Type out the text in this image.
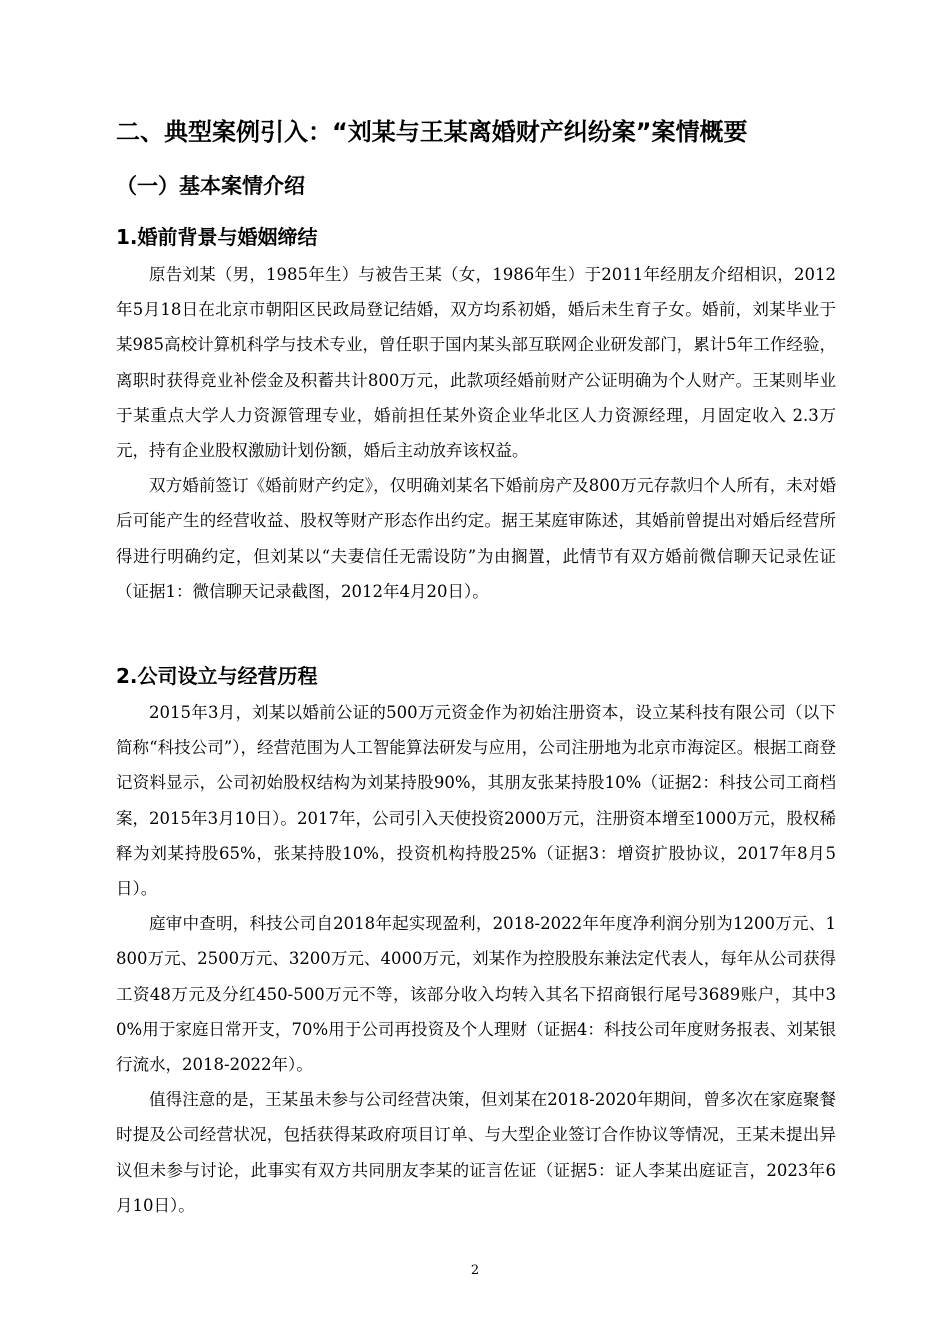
二、典型案例引入：“刘某与王某离婚财产纠纷案”案情概要
（一）基本案情介绍
1.婚前背景与婚姻缔结

原告刘某（男，1985年生）与被告王某（女，1986年生）于2011年经朋友介绍相识，2012年5月18日在北京市朝阳区民政局登记结婚，双方均系初婚，婚后未生育子女。婚前，刘某毕业于某985高校计算机科学与技术专业，曾任职于国内某头部互联网企业研发部门，累计5年工作经验，离职时获得竞业补偿金及积蓄共计800万元，此款项经婚前财产公证明确为个人财产。王某则毕业于某重点大学人力资源管理专业，婚前担任某外资企业华北区人力资源经理，月固定收入 2.3万元，持有企业股权激励计划份额，婚后主动放弃该权益。

双方婚前签订《婚前财产约定》，仅明确刘某名下婚前房产及800万元存款归个人所有，未对婚后可能产生的经营收益、股权等财产形态作出约定。据王某庭审陈述，其婚前曾提出对婚后经营所得进行明确约定，但刘某以“夫妻信任无需设防”为由搁置，此情节有双方婚前微信聊天记录佐证（证据1：微信聊天记录截图，2012年4月20日）。

2.公司设立与经营历程

2015年3月，刘某以婚前公证的500万元资金作为初始注册资本，设立某科技有限公司（以下简称“科技公司”），经营范围为人工智能算法研发与应用，公司注册地为北京市海淀区。根据工商登记资料显示，公司初始股权结构为刘某持股90%，其朋友张某持股10%（证据2：科技公司工商档案，2015年3月10日）。2017年，公司引入天使投资2000万元，注册资本增至1000万元，股权稀释为刘某持股65%，张某持股10%，投资机构持股25%（证据3：增资扩股协议，2017年8月5日）。

庭审中查明，科技公司自2018年起实现盈利，2018-2022年年度净利润分别为1200万元、1800万元、2500万元、3200万元、4000万元，刘某作为控股股东兼法定代表人，每年从公司获得工资48万元及分红450-500万元不等，该部分收入均转入其名下招商银行尾号3689账户，其中30%用于家庭日常开支，70%用于公司再投资及个人理财（证据4：科技公司年度财务报表、刘某银行流水，2018-2022年）。

值得注意的是，王某虽未参与公司经营决策，但刘某在2018-2020年期间，曾多次在家庭聚餐时提及公司经营状况，包括获得某政府项目订单、与大型企业签订合作协议等情况，王某未提出异议但未参与讨论，此事实有双方共同朋友李某的证言佐证（证据5：证人李某出庭证言，2023年6月10日）。

2
